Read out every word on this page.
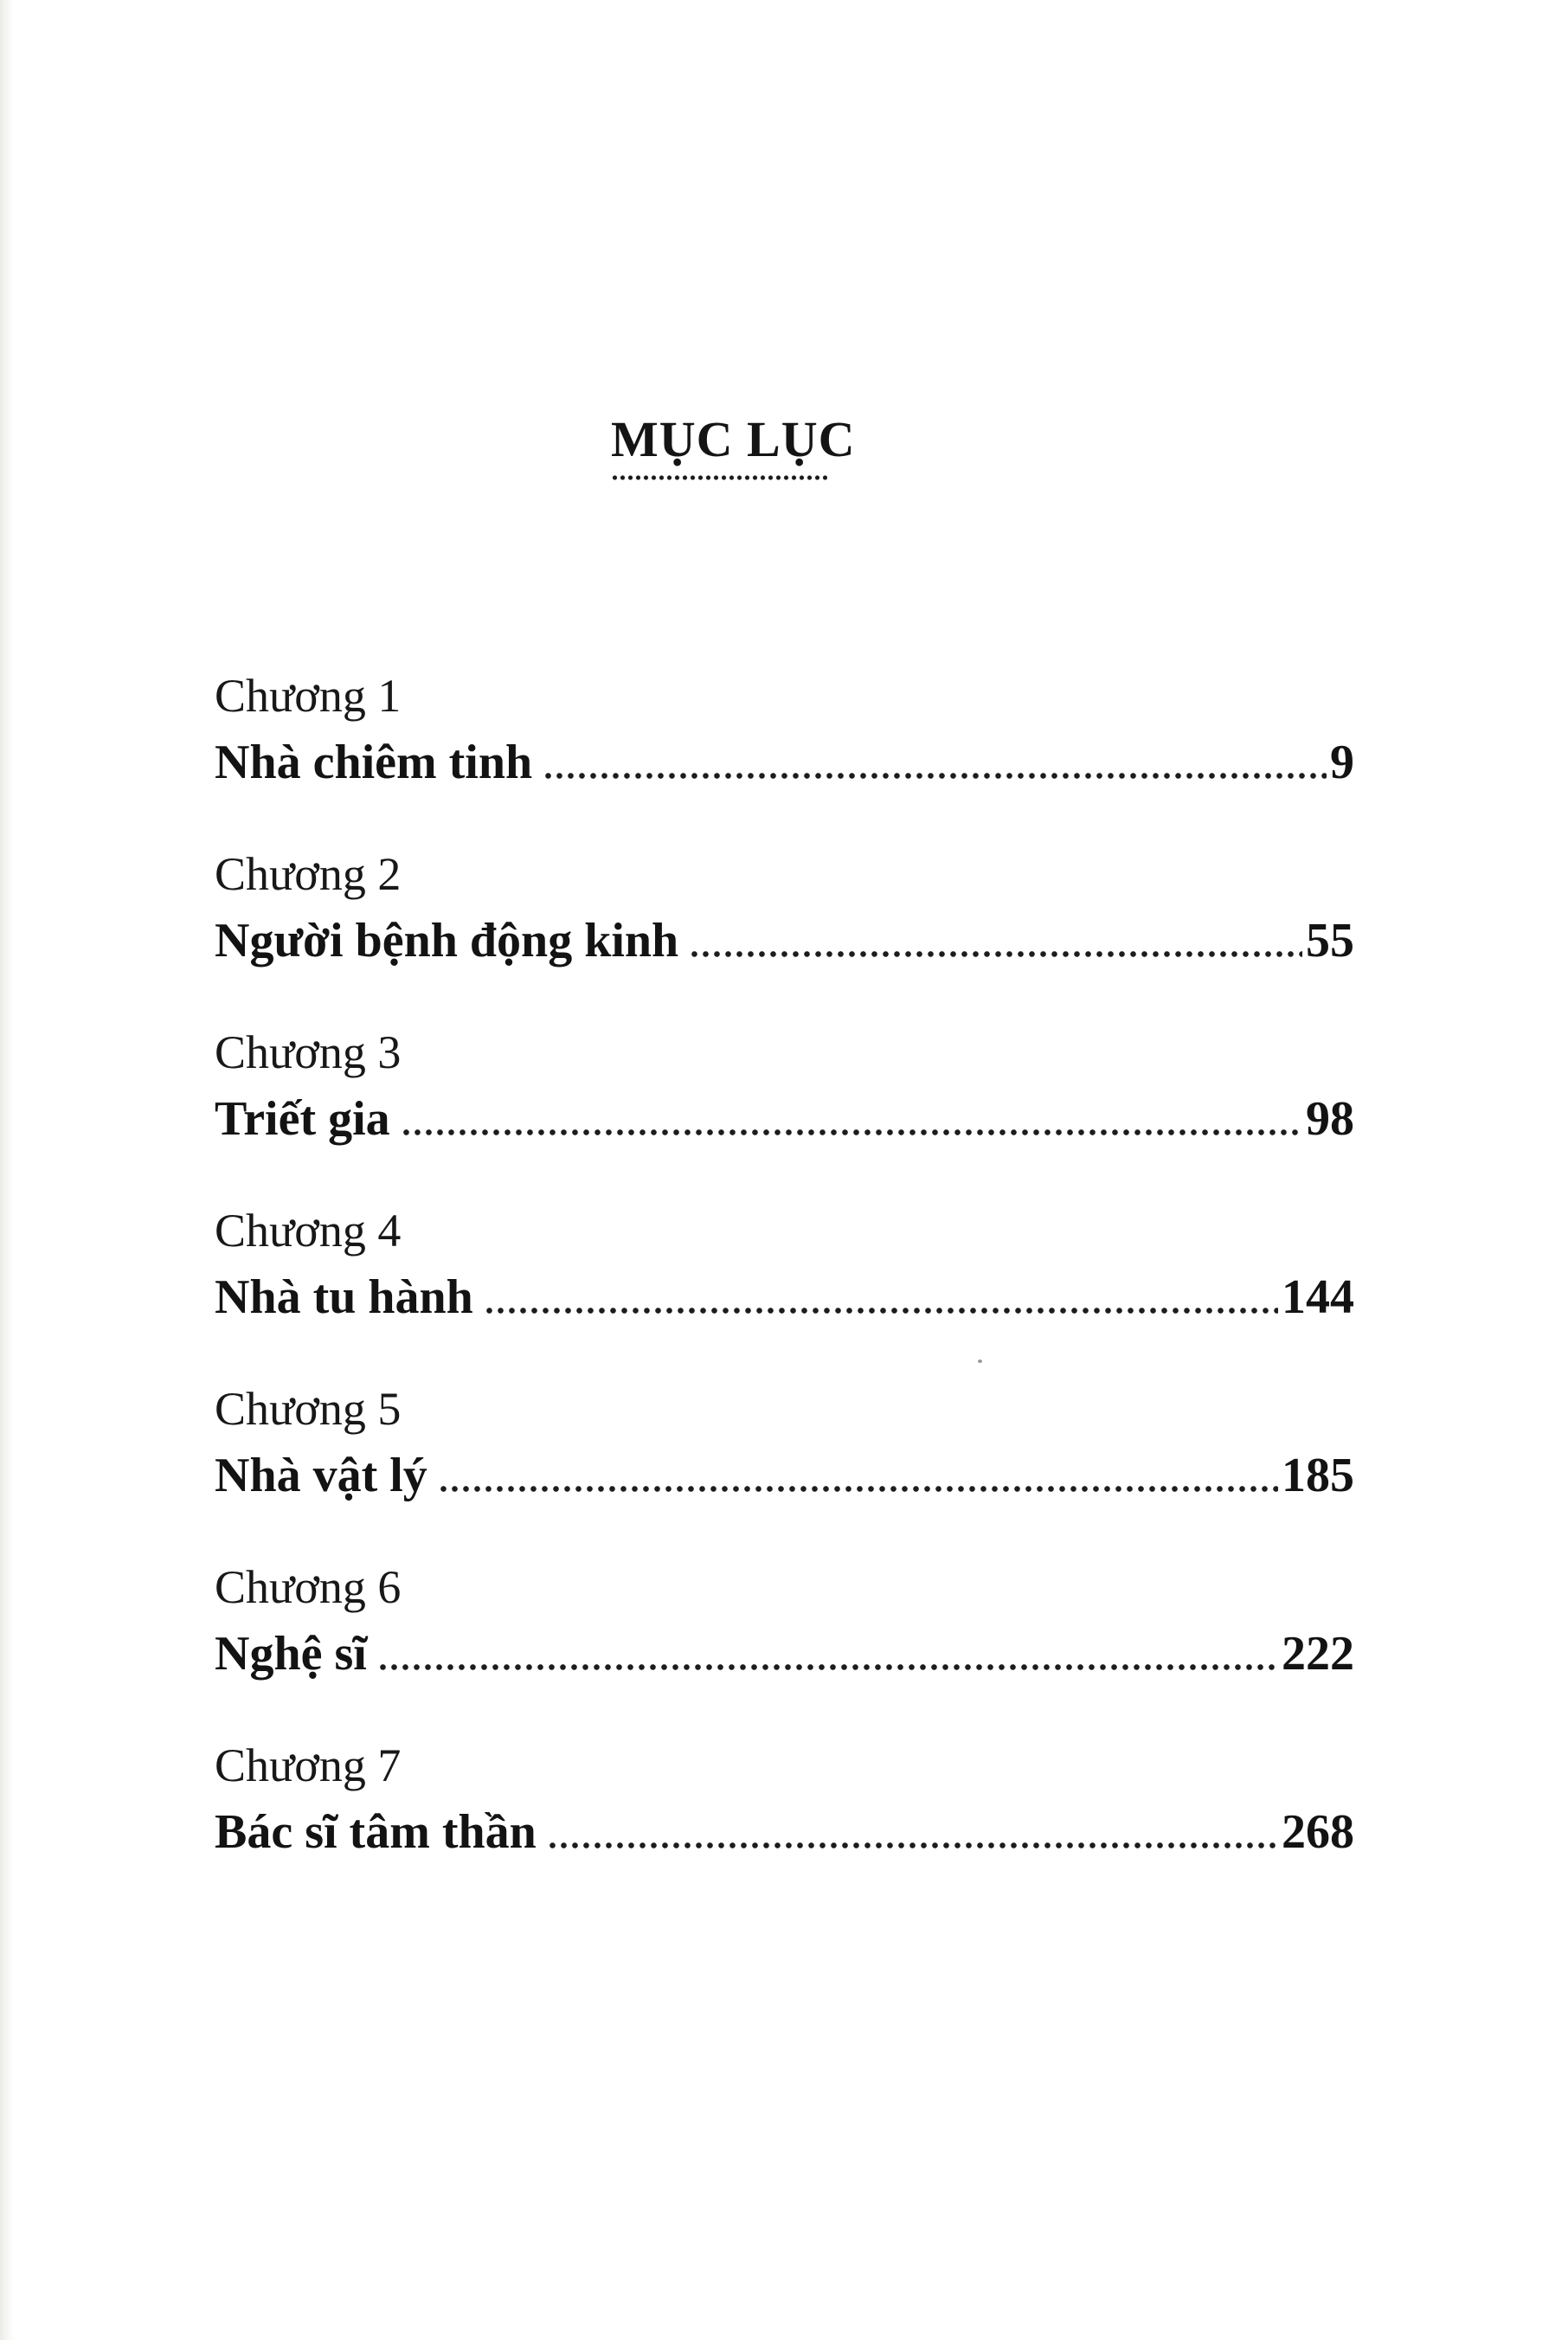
MỤC LỤC
Chương 1
Nhà chiêm tinh	9
Chương 2
Người bệnh động kinh	55
Chương 3
Triết gia	98
Chương 4
Nhà tu hành	144
Chương 5
Nhà vật lý	185
Chương 6
Nghệ sĩ	222
Chương 7
Bác sĩ tâm thần	268
